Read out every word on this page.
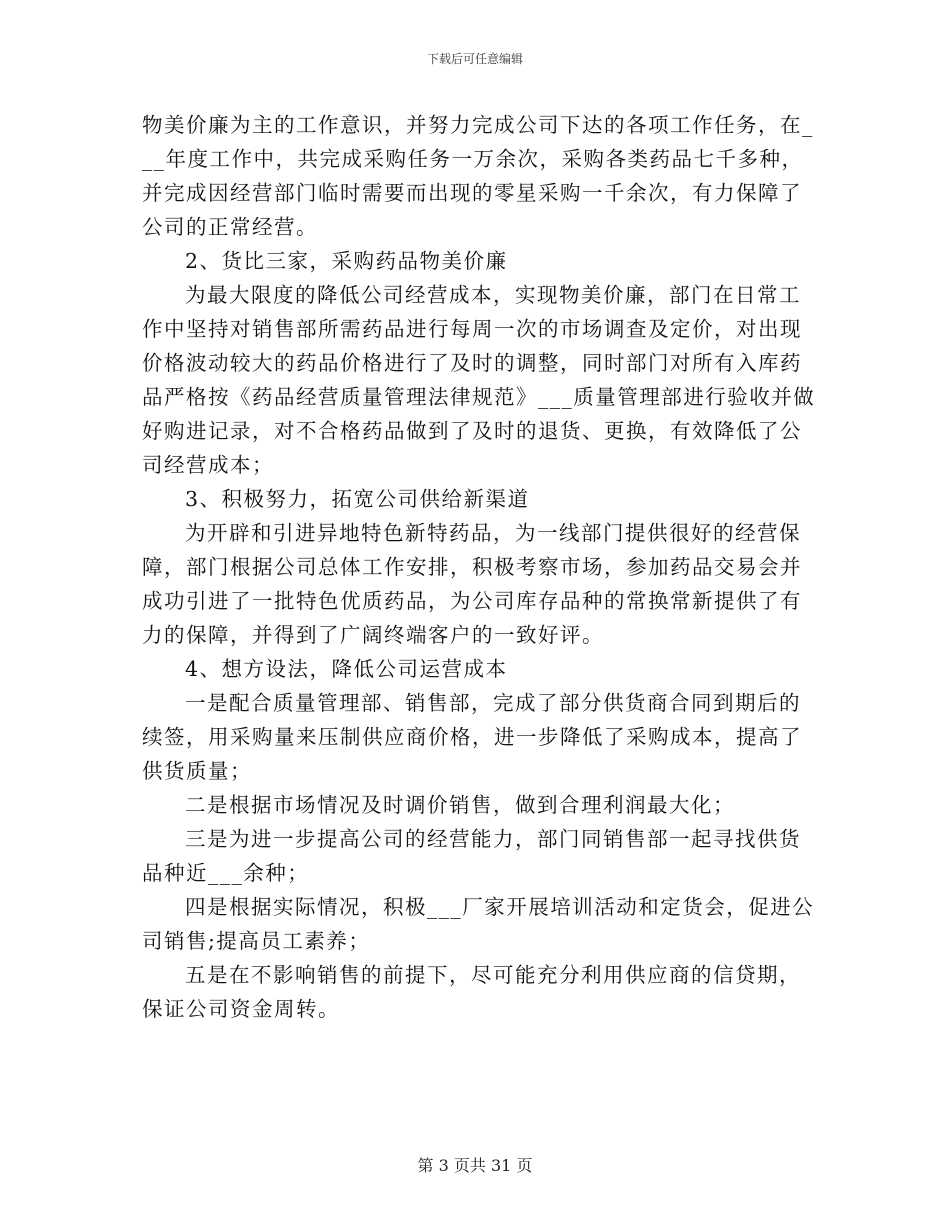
下载后可任意编辑
物美价廉为主的工作意识，并努力完成公司下达的各项工作任务，在_
__年度工作中，共完成采购任务一万余次，采购各类药品七千多种，
并完成因经营部门临时需要而出现的零星采购一千余次，有力保障了
公司的正常经营。
2、货比三家，采购药品物美价廉
为最大限度的降低公司经营成本，实现物美价廉，部门在日常工
作中坚持对销售部所需药品进行每周一次的市场调查及定价，对出现
价格波动较大的药品价格进行了及时的调整，同时部门对所有入库药
品严格按《药品经营质量管理法律规范》___质量管理部进行验收并做
好购进记录，对不合格药品做到了及时的退货、更换，有效降低了公
司经营成本；
3、积极努力，拓宽公司供给新渠道
为开辟和引进异地特色新特药品，为一线部门提供很好的经营保
障，部门根据公司总体工作安排，积极考察市场，参加药品交易会并
成功引进了一批特色优质药品，为公司库存品种的常换常新提供了有
力的保障，并得到了广阔终端客户的一致好评。
4、想方设法，降低公司运营成本
一是配合质量管理部、销售部，完成了部分供货商合同到期后的
续签，用采购量来压制供应商价格，进一步降低了采购成本，提高了
供货质量；
二是根据市场情况及时调价销售，做到合理利润最大化；
三是为进一步提高公司的经营能力，部门同销售部一起寻找供货
品种近___余种；
四是根据实际情况，积极___厂家开展培训活动和定货会，促进公
司销售;提高员工素养；
五是在不影响销售的前提下，尽可能充分利用供应商的信贷期，
保证公司资金周转。
第 3 页共 31 页
